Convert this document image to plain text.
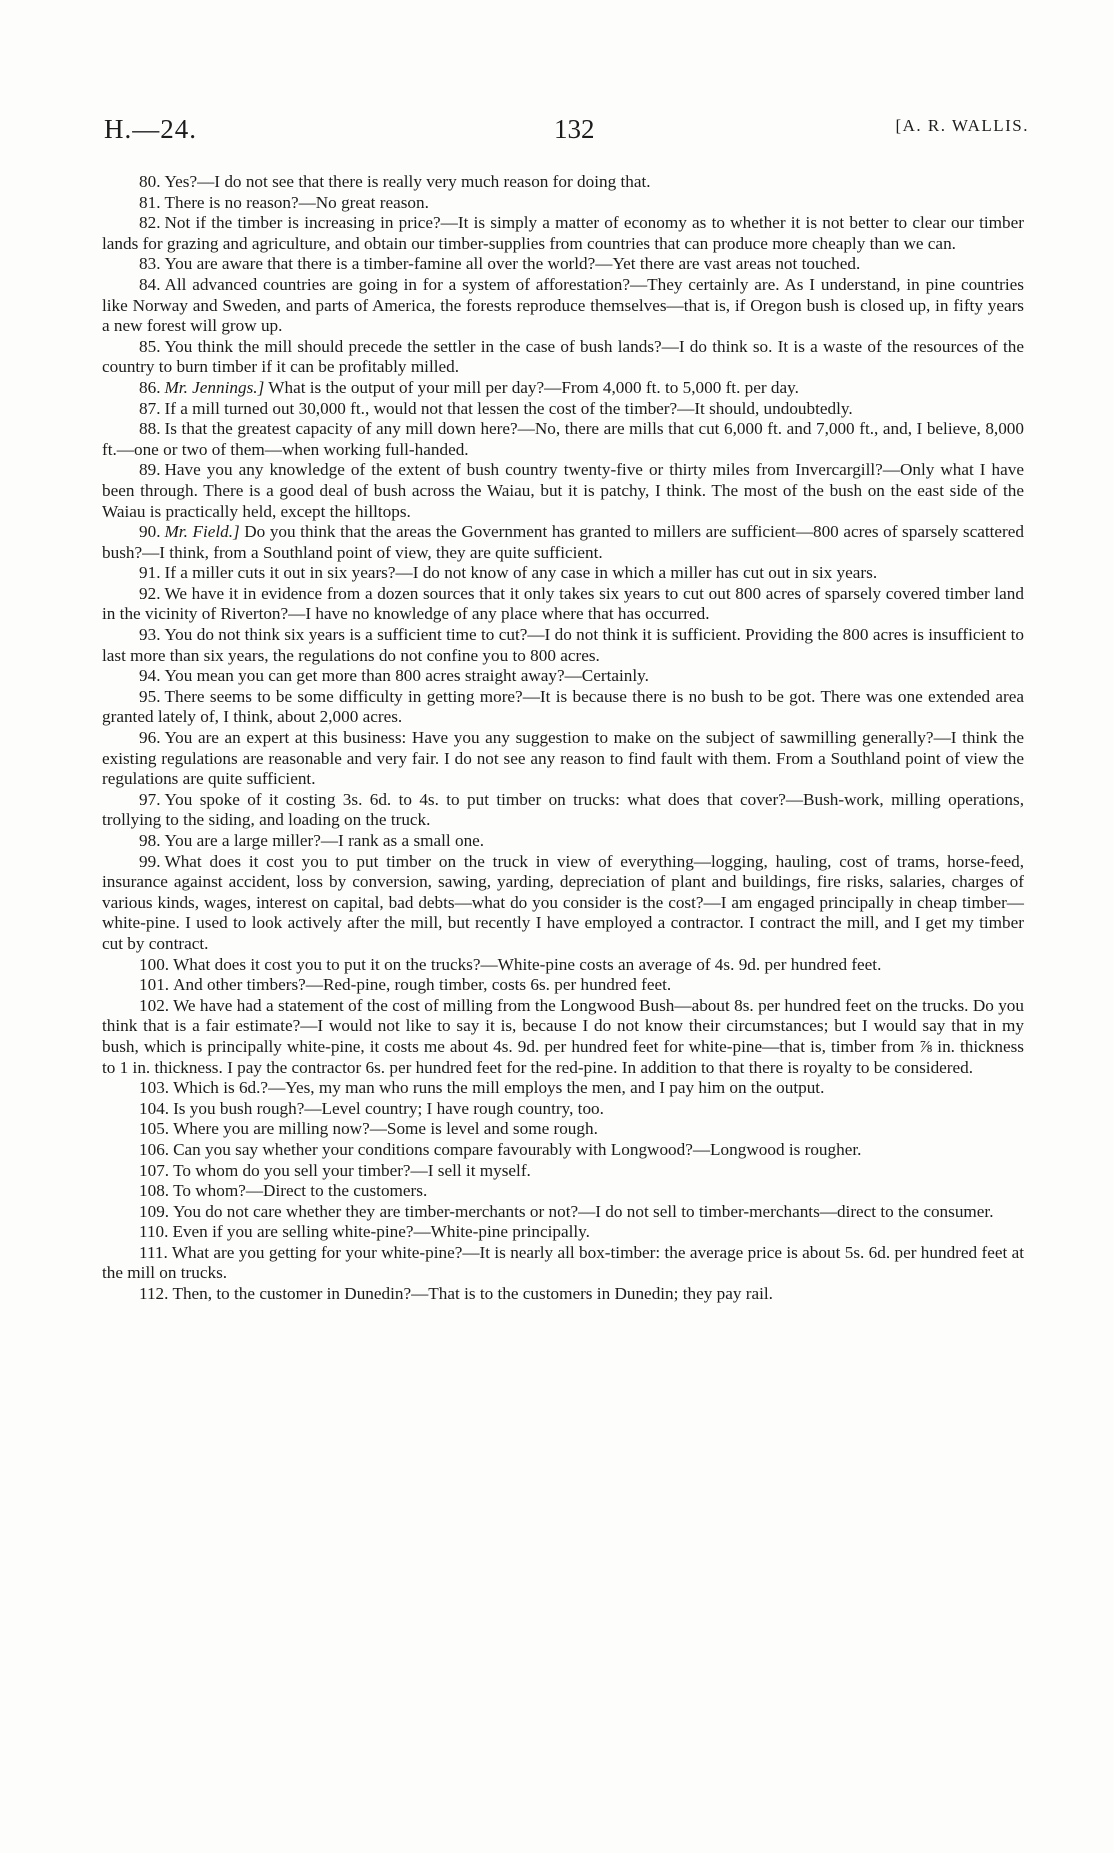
H.—24.	132	[A. R. WALLIS.

80. Yes?—I do not see that there is really very much reason for doing that.

81. There is no reason?—No great reason.

82. Not if the timber is increasing in price?—It is simply a matter of economy as to whether it is not better to clear our timber lands for grazing and agriculture, and obtain our timber-supplies from countries that can produce more cheaply than we can.

83. You are aware that there is a timber-famine all over the world?—Yet there are vast areas not touched.

84. All advanced countries are going in for a system of afforestation?—They certainly are. As I understand, in pine countries like Norway and Sweden, and parts of America, the forests reproduce themselves—that is, if Oregon bush is closed up, in fifty years a new forest will grow up.

85. You think the mill should precede the settler in the case of bush lands?—I do think so. It is a waste of the resources of the country to burn timber if it can be profitably milled.

86. Mr. Jennings.] What is the output of your mill per day?—From 4,000 ft. to 5,000 ft. per day.

87. If a mill turned out 30,000 ft., would not that lessen the cost of the timber?—It should, undoubtedly.

88. Is that the greatest capacity of any mill down here?—No, there are mills that cut 6,000 ft. and 7,000 ft., and, I believe, 8,000 ft.—one or two of them—when working full-handed.

89. Have you any knowledge of the extent of bush country twenty-five or thirty miles from Invercargill?—Only what I have been through. There is a good deal of bush across the Waiau, but it is patchy, I think. The most of the bush on the east side of the Waiau is practically held, except the hilltops.

90. Mr. Field.] Do you think that the areas the Government has granted to millers are sufficient—800 acres of sparsely scattered bush?—I think, from a Southland point of view, they are quite sufficient.

91. If a miller cuts it out in six years?—I do not know of any case in which a miller has cut out in six years.

92. We have it in evidence from a dozen sources that it only takes six years to cut out 800 acres of sparsely covered timber land in the vicinity of Riverton?—I have no knowledge of any place where that has occurred.

93. You do not think six years is a sufficient time to cut?—I do not think it is sufficient. Providing the 800 acres is insufficient to last more than six years, the regulations do not confine you to 800 acres.

94. You mean you can get more than 800 acres straight away?—Certainly.

95. There seems to be some difficulty in getting more?—It is because there is no bush to be got. There was one extended area granted lately of, I think, about 2,000 acres.

96. You are an expert at this business: Have you any suggestion to make on the subject of sawmilling generally?—I think the existing regulations are reasonable and very fair. I do not see any reason to find fault with them. From a Southland point of view the regulations are quite sufficient.

97. You spoke of it costing 3s. 6d. to 4s. to put timber on trucks: what does that cover?—Bush-work, milling operations, trollying to the siding, and loading on the truck.

98. You are a large miller?—I rank as a small one.

99. What does it cost you to put timber on the truck in view of everything—logging, hauling, cost of trams, horse-feed, insurance against accident, loss by conversion, sawing, yarding, depreciation of plant and buildings, fire risks, salaries, charges of various kinds, wages, interest on capital, bad debts—what do you consider is the cost?—I am engaged principally in cheap timber—white-pine. I used to look actively after the mill, but recently I have employed a contractor. I contract the mill, and I get my timber cut by contract.

100. What does it cost you to put it on the trucks?—White-pine costs an average of 4s. 9d. per hundred feet.

101. And other timbers?—Red-pine, rough timber, costs 6s. per hundred feet.

102. We have had a statement of the cost of milling from the Longwood Bush—about 8s. per hundred feet on the trucks. Do you think that is a fair estimate?—I would not like to say it is, because I do not know their circumstances; but I would say that in my bush, which is principally white-pine, it costs me about 4s. 9d. per hundred feet for white-pine—that is, timber from ⅞ in. thickness to 1 in. thickness. I pay the contractor 6s. per hundred feet for the red-pine. In addition to that there is royalty to be considered.

103. Which is 6d.?—Yes, my man who runs the mill employs the men, and I pay him on the output.

104. Is you bush rough?—Level country; I have rough country, too.

105. Where you are milling now?—Some is level and some rough.

106. Can you say whether your conditions compare favourably with Longwood?—Longwood is rougher.

107. To whom do you sell your timber?—I sell it myself.

108. To whom?—Direct to the customers.

109. You do not care whether they are timber-merchants or not?—I do not sell to timber-merchants—direct to the consumer.

110. Even if you are selling white-pine?—White-pine principally.

111. What are you getting for your white-pine?—It is nearly all box-timber: the average price is about 5s. 6d. per hundred feet at the mill on trucks.

112. Then, to the customer in Dunedin?—That is to the customers in Dunedin; they pay rail.
